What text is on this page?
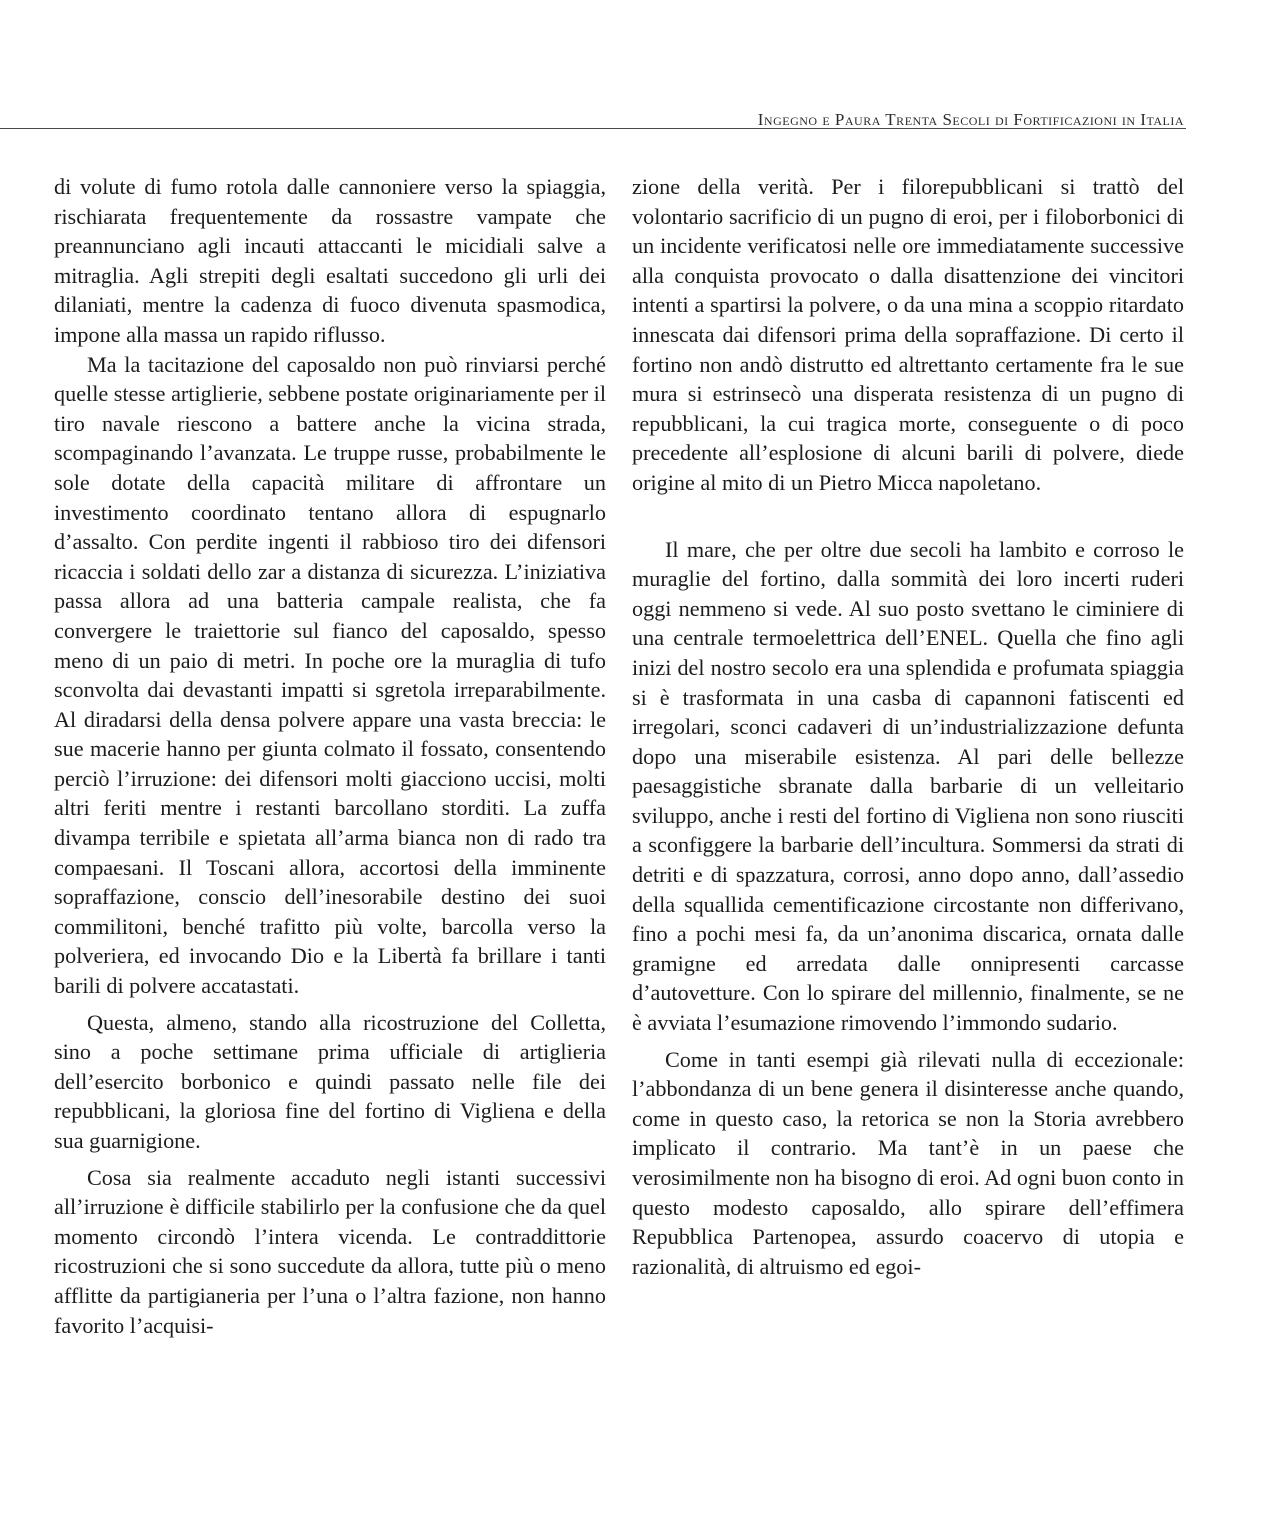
Ingegno e Paura Trenta Secoli di Fortificazioni in Italia

di volute di fumo rotola dalle cannoniere verso la spiaggia, rischiarata frequentemente da rossastre vampate che preannunciano agli incauti attaccanti le micidiali salve a mitraglia. Agli strepiti degli esaltati succedono gli urli dei dilaniati, mentre la cadenza di fuoco divenuta spasmodica, impone alla massa un rapido riflusso.

Ma la tacitazione del caposaldo non può rinviarsi perché quelle stesse artiglierie, sebbene postate originariamente per il tiro navale riescono a battere anche la vicina strada, scompaginando l’avanzata. Le truppe russe, probabilmente le sole dotate della capacità militare di affrontare un investimento coordinato tentano allora di espugnarlo d’assalto. Con perdite ingenti il rabbioso tiro dei difensori ricaccia i soldati dello zar a distanza di sicurezza. L’iniziativa passa allora ad una batteria campale realista, che fa convergere le traiettorie sul fianco del caposaldo, spesso meno di un paio di metri. In poche ore la muraglia di tufo sconvolta dai devastanti impatti si sgretola irreparabilmente. Al diradarsi della densa polvere appare una vasta breccia: le sue macerie hanno per giunta colmato il fossato, consentendo perciò l’irruzione: dei difensori molti giacciono uccisi, molti altri feriti mentre i restanti barcollano storditi. La zuffa divampa terribile e spietata all’arma bianca non di rado tra compaesani. Il Toscani allora, accortosi della imminente sopraffazione, conscio dell’inesorabile destino dei suoi commilitoni, benché trafitto più volte, barcolla verso la polveriera, ed invocando Dio e la Libertà fa brillare i tanti barili di polvere accatastati.

Questa, almeno, stando alla ricostruzione del Colletta, sino a poche settimane prima ufficiale di artiglieria dell’esercito borbonico e quindi passato nelle file dei repubblicani, la gloriosa fine del fortino di Vigliena e della sua guarnigione.

Cosa sia realmente accaduto negli istanti successivi all’irruzione è difficile stabilirlo per la confusione che da quel momento circondò l’intera vicenda. Le contraddittorie ricostruzioni che si sono succedute da allora, tutte più o meno afflitte da partigianeria per l’una o l’altra fazione, non hanno favorito l’acquisi-

zione della verità. Per i filorepubblicani si trattò del volontario sacrificio di un pugno di eroi, per i filoborbonici di un incidente verificatosi nelle ore immediatamente successive alla conquista provocato o dalla disattenzione dei vincitori intenti a spartirsi la polvere, o da una mina a scoppio ritardato innescata dai difensori prima della sopraffazione. Di certo il fortino non andò distrutto ed altrettanto certamente fra le sue mura si estrinsecò una disperata resistenza di un pugno di repubblicani, la cui tragica morte, conseguente o di poco precedente all’esplosione di alcuni barili di polvere, diede origine al mito di un Pietro Micca napoletano.

Il mare, che per oltre due secoli ha lambito e corroso le muraglie del fortino, dalla sommità dei loro incerti ruderi oggi nemmeno si vede. Al suo posto svettano le ciminiere di una centrale termoelettrica dell’ENEL. Quella che fino agli inizi del nostro secolo era una splendida e profumata spiaggia si è trasformata in una casba di capannoni fatiscenti ed irregolari, sconci cadaveri di un’industrializzazione defunta dopo una miserabile esistenza. Al pari delle bellezze paesaggistiche sbranate dalla barbarie di un velleitario sviluppo, anche i resti del fortino di Vigliena non sono riusciti a sconfiggere la barbarie dell’incultura. Sommersi da strati di detriti e di spazzatura, corrosi, anno dopo anno, dall’assedio della squallida cementificazione circostante non differivano, fino a pochi mesi fa, da un’anonima discarica, ornata dalle gramigne ed arredata dalle onnipresenti carcasse d’autovetture. Con lo spirare del millennio, finalmente, se ne è avviata l’esumazione rimovendo l’immondo sudario.

Come in tanti esempi già rilevati nulla di eccezionale: l’abbondanza di un bene genera il disinteresse anche quando, come in questo caso, la retorica se non la Storia avrebbero implicato il contrario. Ma tant’è in un paese che verosimilmente non ha bisogno di eroi. Ad ogni buon conto in questo modesto caposaldo, allo spirare dell’effimera Repubblica Partenopea, assurdo coacervo di utopia e razionalità, di altruismo ed egoi-
